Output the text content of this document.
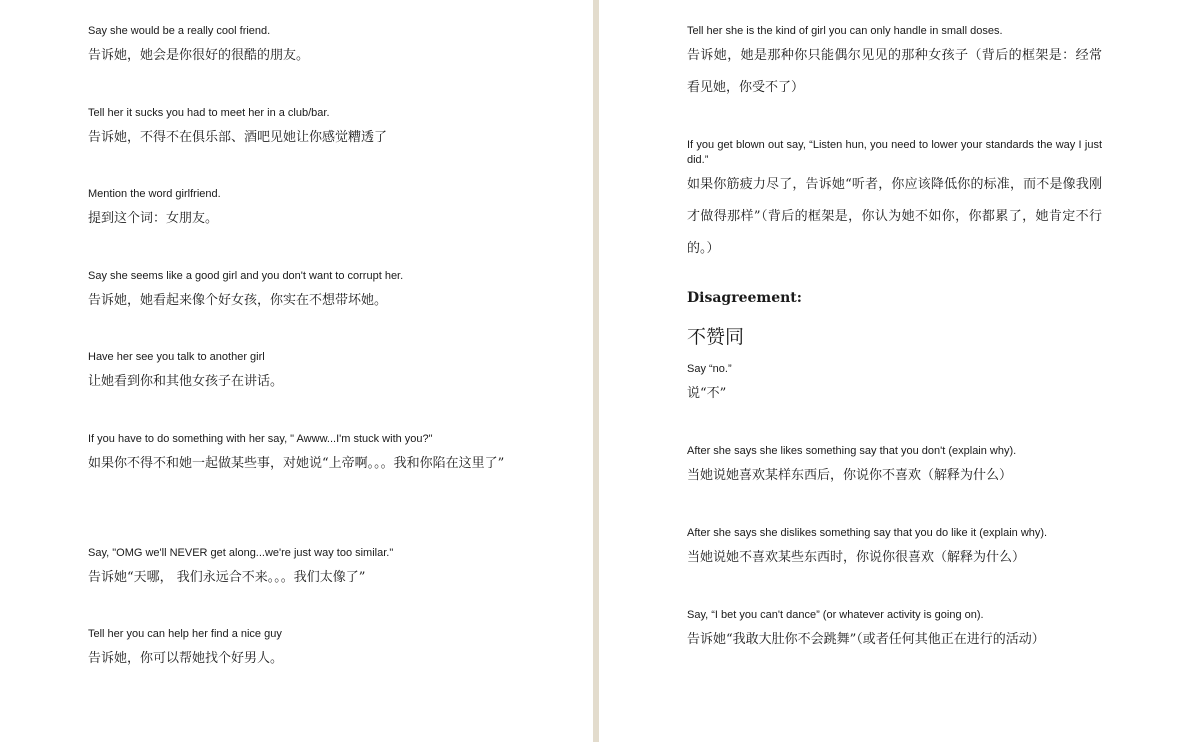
Say she would be a really cool friend.

告诉她，她会是你很好的很酷的朋友。

Tell her it sucks you had to meet her in a club/bar.

告诉她，不得不在俱乐部、酒吧见她让你感觉糟透了

Mention the word girlfriend.

提到这个词：女朋友。

Say she seems like a good girl and you don't want to corrupt her.

告诉她，她看起来像个好女孩，你实在不想带坏她。

Have her see you talk to another girl

让她看到你和其他女孩子在讲话。

If you have to do something with her say, " Awww...I'm stuck with you?"

如果你不得不和她一起做某些事，对她说“上帝啊。。。我和你陷在这里了”

Say, "OMG we'll NEVER get along...we're just way too similar."

告诉她“天哪， 我们永远合不来。。。我们太像了”

Tell her you can help her find a nice guy

告诉她，你可以帮她找个好男人。

Tell her she is the kind of girl you can only handle in small doses.

告诉她，她是那种你只能偶尔见见的那种女孩子（背后的框架是：经常看见她，你受不了）

If you get blown out say, “Listen hun, you need to lower your standards the way I just did.”

如果你筋疲力尽了，告诉她“听者，你应该降低你的标准，而不是像我刚才做得那样”（背后的框架是，你认为她不如你，你都累了，她肯定不行的。）

Disagreement:

不赞同

Say “no.”

说“不”

After she says she likes something say that you don't (explain why).

当她说她喜欢某样东西后，你说你不喜欢（解释为什么）

After she says she dislikes something say that you do like it (explain why).

当她说她不喜欢某些东西时，你说你很喜欢（解释为什么）

Say, “I bet you can't dance” (or whatever activity is going on).

告诉她“我敢大肚你不会跳舞”（或者任何其他正在进行的活动）
